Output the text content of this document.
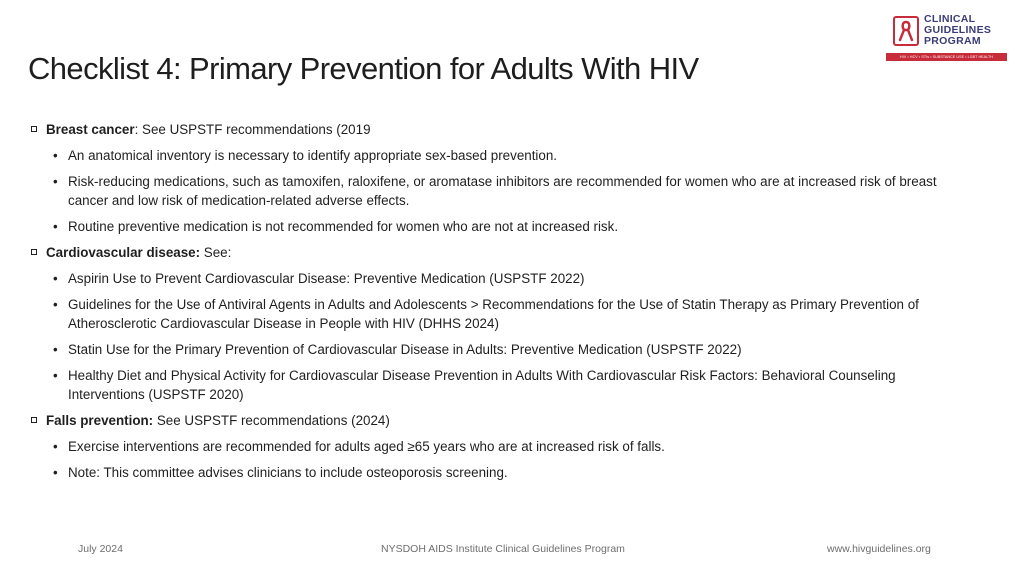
Checklist 4: Primary Prevention for Adults With HIV
CLINICAL
GUIDELINES
PROGRAM
HIV • HCV • STIs • SUBSTANCE USE • LGBT HEALTH
Breast cancer: See USPSTF recommendations (2019
• An anatomical inventory is necessary to identify appropriate sex-based prevention.
• Risk-reducing medications, such as tamoxifen, raloxifene, or aromatase inhibitors are recommended for women who are at increased risk of breast cancer and low risk of medication-related adverse effects.
• Routine preventive medication is not recommended for women who are not at increased risk.
Cardiovascular disease: See:
• Aspirin Use to Prevent Cardiovascular Disease: Preventive Medication (USPSTF 2022)
• Guidelines for the Use of Antiviral Agents in Adults and Adolescents > Recommendations for the Use of Statin Therapy as Primary Prevention of Atherosclerotic Cardiovascular Disease in People with HIV (DHHS 2024)
• Statin Use for the Primary Prevention of Cardiovascular Disease in Adults: Preventive Medication (USPSTF 2022)
• Healthy Diet and Physical Activity for Cardiovascular Disease Prevention in Adults With Cardiovascular Risk Factors: Behavioral Counseling Interventions (USPSTF 2020)
Falls prevention: See USPSTF recommendations (2024)
• Exercise interventions are recommended for adults aged ≥65 years who are at increased risk of falls.
• Note: This committee advises clinicians to include osteoporosis screening.
July 2024	NYSDOH AIDS Institute Clinical Guidelines Program	www.hivguidelines.org
